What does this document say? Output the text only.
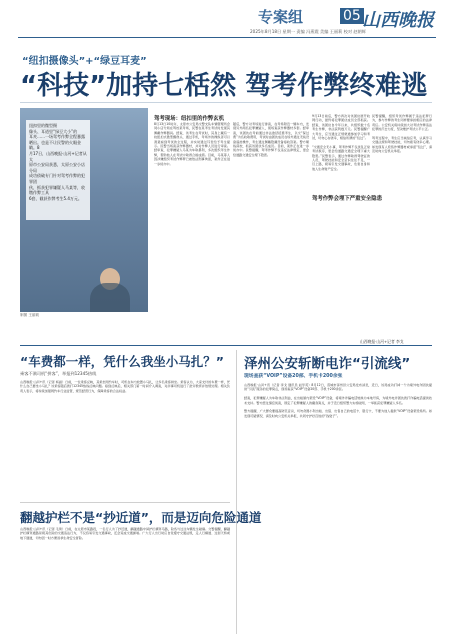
专案组	05 山西晚报
2025年8月18日 星期一 责编 冯燕霞 美编 王丽莉 校对 赵朝辉
“纽扣摄像头”+“绿豆耳麦”
“科技”加持七栝然 驾考作弊终难逃
纽扣里的微型摄
像头、耳道里“绿豆大小”的
耳麦……一场驾考作弊全程暴露
晒出。也是不让民警的火眼金睛。8
月17日，山西晚报·山河+记者从太
原市公安局获悉，太原公安小店分局
成功侦破专门针对驾考作弊的犯罪团
伙，抓获犯罪嫌疑人马某等，收缴作弊工具
6套，截获作弊考生5.4万元。
制图 王丽莉
驾考现场：纽扣里的作弊玄机
8月13日10时许，太原市公安局交警支队车辆管理所会同小店分局在驾校某考场，民警在某考生考试时发现其佩戴作弊器具。经查，该考生在考试时，其身上藏有一枚纽扣式微型摄像头，通过手机，考场外的操纵者可以清楚看到考试的全过程，并实时通过耳麦给予考生提示。民警当场查获作弊器材，并对作弊人员进行审查。经审查，犯罪嫌疑人马某为牟取暴利，多次组织考生作弊，帮助他人在考试中取得合格成绩。目前，马某等人因涉嫌组织考试作弊罪已被依法刑事拘留，案件正在进一步侦办中。
随后，警方对考场进行排查，在考场附近一辆车内，发现另外两名犯罪嫌疑人，现场查获作弊器材多套。经审查，该团伙在考前通过非法途径招揽考生，以交“保过费”为名收取费用，考试时由团伙成员在场外通过无线设备遥控操作，考生通过佩戴隐藏设备接收答案。警方顺线深挖，抓获该团伙多名成员。目前，案件正在进一步侦办中。民警提醒，驾考作弊不仅违反法律规定，更会给道路交通安全埋下隐患。
9月13日前后，警方再次对该团伙展开收网行动，最终将犯罪团伙成员全部抓获。经查，该团伙自今年以来，共组织数十名考生作弊，非法获利数万元。民警提醒广大考生，应当通过正规渠道参加学习和考试，切勿心存侥幸，相信所谓的“包过”。

“交通安全无小事，驾考作弊不仅扰乱正常考试秩序，更会给道路交通安全埋下重大隐患。”民警表示，通过作弊取得驾驶证的人员，驾驶技能和安全意识往往不足，一旦上路，极易引发交通事故，危害自身和他人生命财产安全。
驾考作弊会埋下严重安全隐患
民警提醒，组织考试作弊属于违法犯罪行为，参与作弊的考生同样要承担相应的法律责任。公安机关将持续加大对考试作弊违法犯罪的打击力度，坚决维护考试公平公正。

驾考过程中，考生应当诚信应考，认真学习交通法规和驾驶技能，切勿抱有侥幸心理。如发现有人兜售作弊器材或承诺“包过”，请及时向公安机关举报。
山西晚报·山河+记者 李戈
“车费都一样，凭什么我坐小马扎？”
乘客不满司机“拼客”，举报到12345热线
山西晚报·山河+讯（记者 杨涵）日前，一位乘客反映，其乘坐网约车时，司机在车内放置小马扎，让多名乘客拼坐。乘客认为，大家支付的车费一样，凭什么自己要坐小马扎？该乘客随后拨打12345热线反映问题。接到反映后，相关部门第一时间介入调查，对涉事司机进行了批评教育并依规处理。相关负责人表示，将持续加强网约车行业监管，规范经营行为，保障乘客的合法权益。
翻越护栏不是“抄近道”，而是迈向危险通道
山西晚报·山河+讯（记者 毛琦）日前，在太原市某路段，一名行人为了抄近道，翻越道路中间护栏横穿马路，险些与过往车辆发生碰撞。交警提醒，翻越护栏横穿道路是极其危险的交通违法行为，不仅容易引发交通事故，还会造成交通拥堵。广大行人出行时应自觉遵守交通法规，走人行横道、过街天桥或地下通道，切勿因一时方便而拿生命安全冒险。
泽州公安斩断电诈“引流线”
现场查获“VOIP”设备20部、手机卡200余张
山西晚报·山河+讯（记者 李戈 通讯员 赵学英）8月12日，晋城市泽州县公安局发布消息，近日，该局成功打掉一个为境外电诈团伙提供“引流”服务的犯罪窝点，现场查获“VOIP”设备20部、手机卡200余张。

经查，犯罪嫌疑人为牟取非法利益，在出租屋内架设“VOIP”设备，将境外诈骗电话转换为本地号码，为境外电诈团伙拨打诈骗电话提供技术支持。警方经过缜密侦查，锁定了犯罪嫌疑人的藏身窝点，并于近日组织警力实施收网，一举抓获犯罪嫌疑人多名。

警方提醒，广大群众要提高防范意识，切勿贪图小利出租、出借、出售自己的电话卡、银行卡，不要为他人提供“VOIP”设备架设场所。如发现可疑情况，请及时向公安机关举报，共同守护好百姓的“钱袋子”。
